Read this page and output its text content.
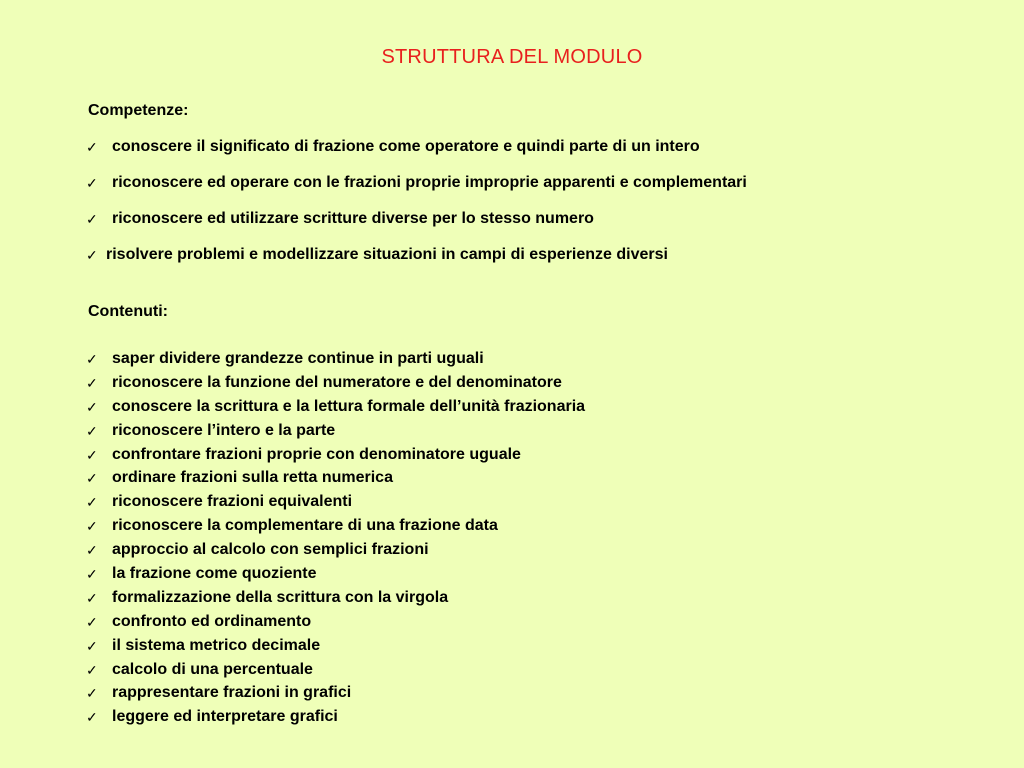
STRUTTURA DEL MODULO
Competenze:
✓ conoscere il significato di frazione come operatore e quindi parte di un intero
✓ riconoscere ed operare con le frazioni proprie improprie apparenti e complementari
✓ riconoscere ed utilizzare scritture diverse per lo stesso numero
✓ risolvere problemi e modellizzare situazioni in campi di esperienze diversi
Contenuti:
✓ saper dividere grandezze continue in parti uguali
✓ riconoscere la funzione del numeratore e del denominatore
✓ conoscere la scrittura e la lettura formale dell’unità frazionaria
✓ riconoscere l’intero e la parte
✓ confrontare frazioni proprie con denominatore uguale
✓ ordinare frazioni sulla retta numerica
✓ riconoscere frazioni equivalenti
✓ riconoscere la complementare di una frazione data
✓ approccio al calcolo con semplici frazioni
✓ la frazione come quoziente
✓ formalizzazione della scrittura con la virgola
✓ confronto ed ordinamento
✓ il sistema metrico decimale
✓ calcolo di una percentuale
✓ rappresentare frazioni in grafici
✓ leggere ed interpretare grafici
